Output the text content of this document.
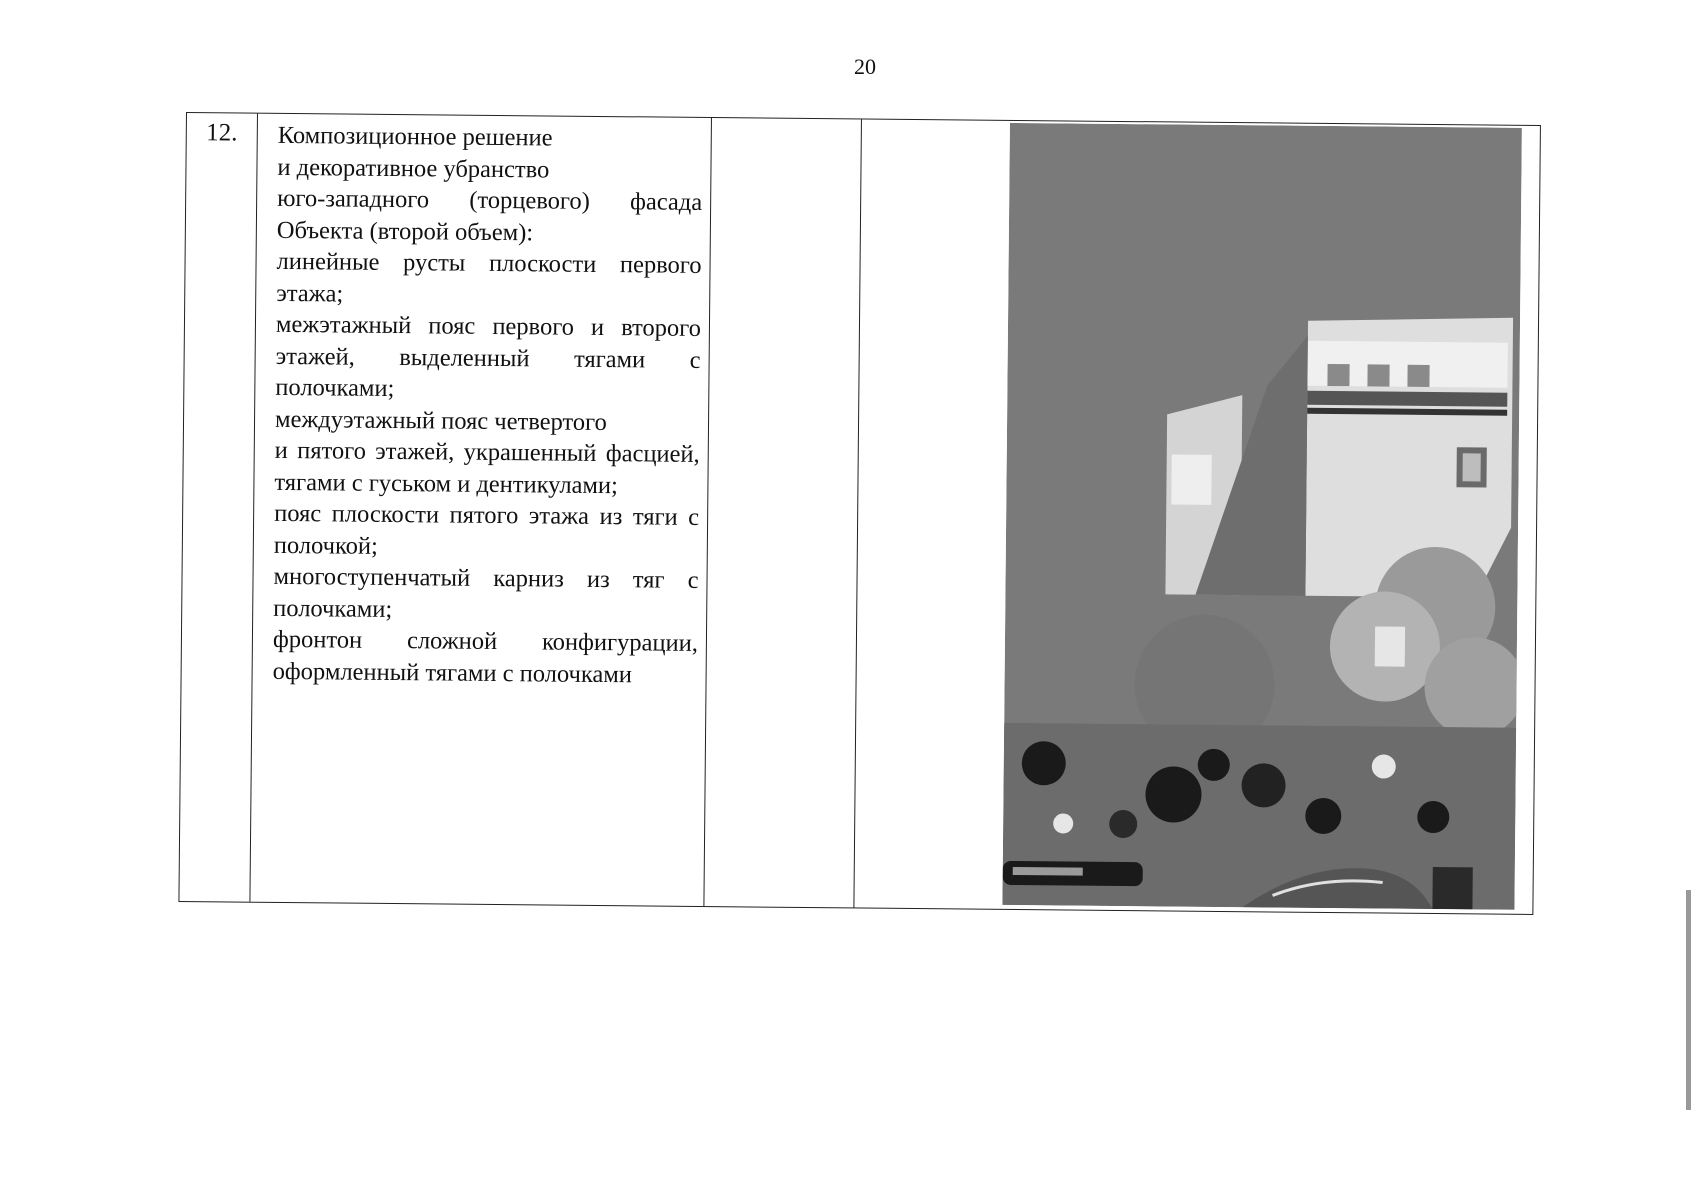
20
12.	Композиционное решение

и декоративное убранство

юго-западного (торцевого) фасада Объекта (второй объем):

линейные русты плоскости первого этажа;

межэтажный пояс первого и второго этажей, выделенный тягами с полочками;

междуэтажный пояс четвертого

и пятого этажей, украшенный фасцией, тягами с гуськом и дентикулами;

пояс плоскости пятого этажа из тяги с полочкой;

многоступенчатый карниз из тяг с полочками;

фронтон сложной конфигурации, оформленный тягами с полочками
